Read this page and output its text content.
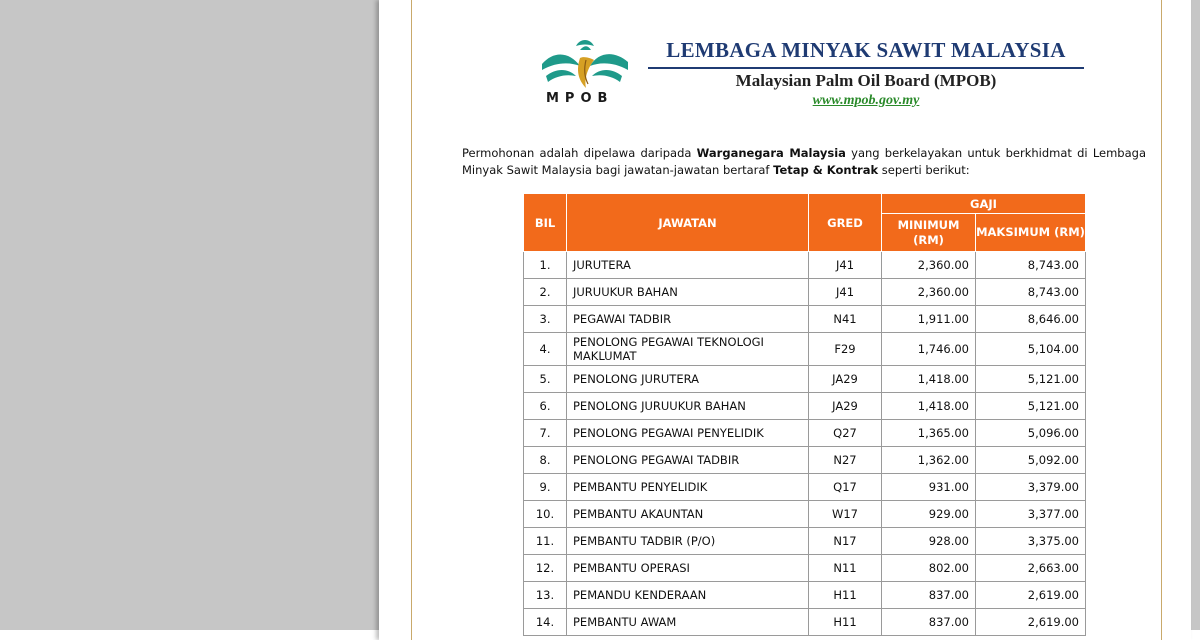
MPOB
LEMBAGA MINYAK SAWIT MALAYSIA
Malaysian Palm Oil Board (MPOB)
www.mpob.gov.my
Permohonan adalah dipelawa daripada Warganegara Malaysia yang berkelayakan untuk berkhidmat di Lembaga Minyak Sawit Malaysia bagi jawatan-jawatan bertaraf Tetap & Kontrak seperti berikut:
BIL	JAWATAN	GRED	GAJI	
			MINIMUM (RM)	MAKSIMUM (RM)
1.	JURUTERA	J41	2,360.00	8,743.00
2.	JURUUKUR BAHAN	J41	2,360.00	8,743.00
3.	PEGAWAI TADBIR	N41	1,911.00	8,646.00
4.	PENOLONG PEGAWAI TEKNOLOGI MAKLUMAT	F29	1,746.00	5,104.00
5.	PENOLONG JURUTERA	JA29	1,418.00	5,121.00
6.	PENOLONG JURUUKUR BAHAN	JA29	1,418.00	5,121.00
7.	PENOLONG PEGAWAI PENYELIDIK	Q27	1,365.00	5,096.00
8.	PENOLONG PEGAWAI TADBIR	N27	1,362.00	5,092.00
9.	PEMBANTU PENYELIDIK	Q17	931.00	3,379.00
10.	PEMBANTU AKAUNTAN	W17	929.00	3,377.00
11.	PEMBANTU TADBIR (P/O)	N17	928.00	3,375.00
12.	PEMBANTU OPERASI	N11	802.00	2,663.00
13.	PEMANDU KENDERAAN	H11	837.00	2,619.00
14.	PEMBANTU AWAM	H11	837.00	2,619.00
